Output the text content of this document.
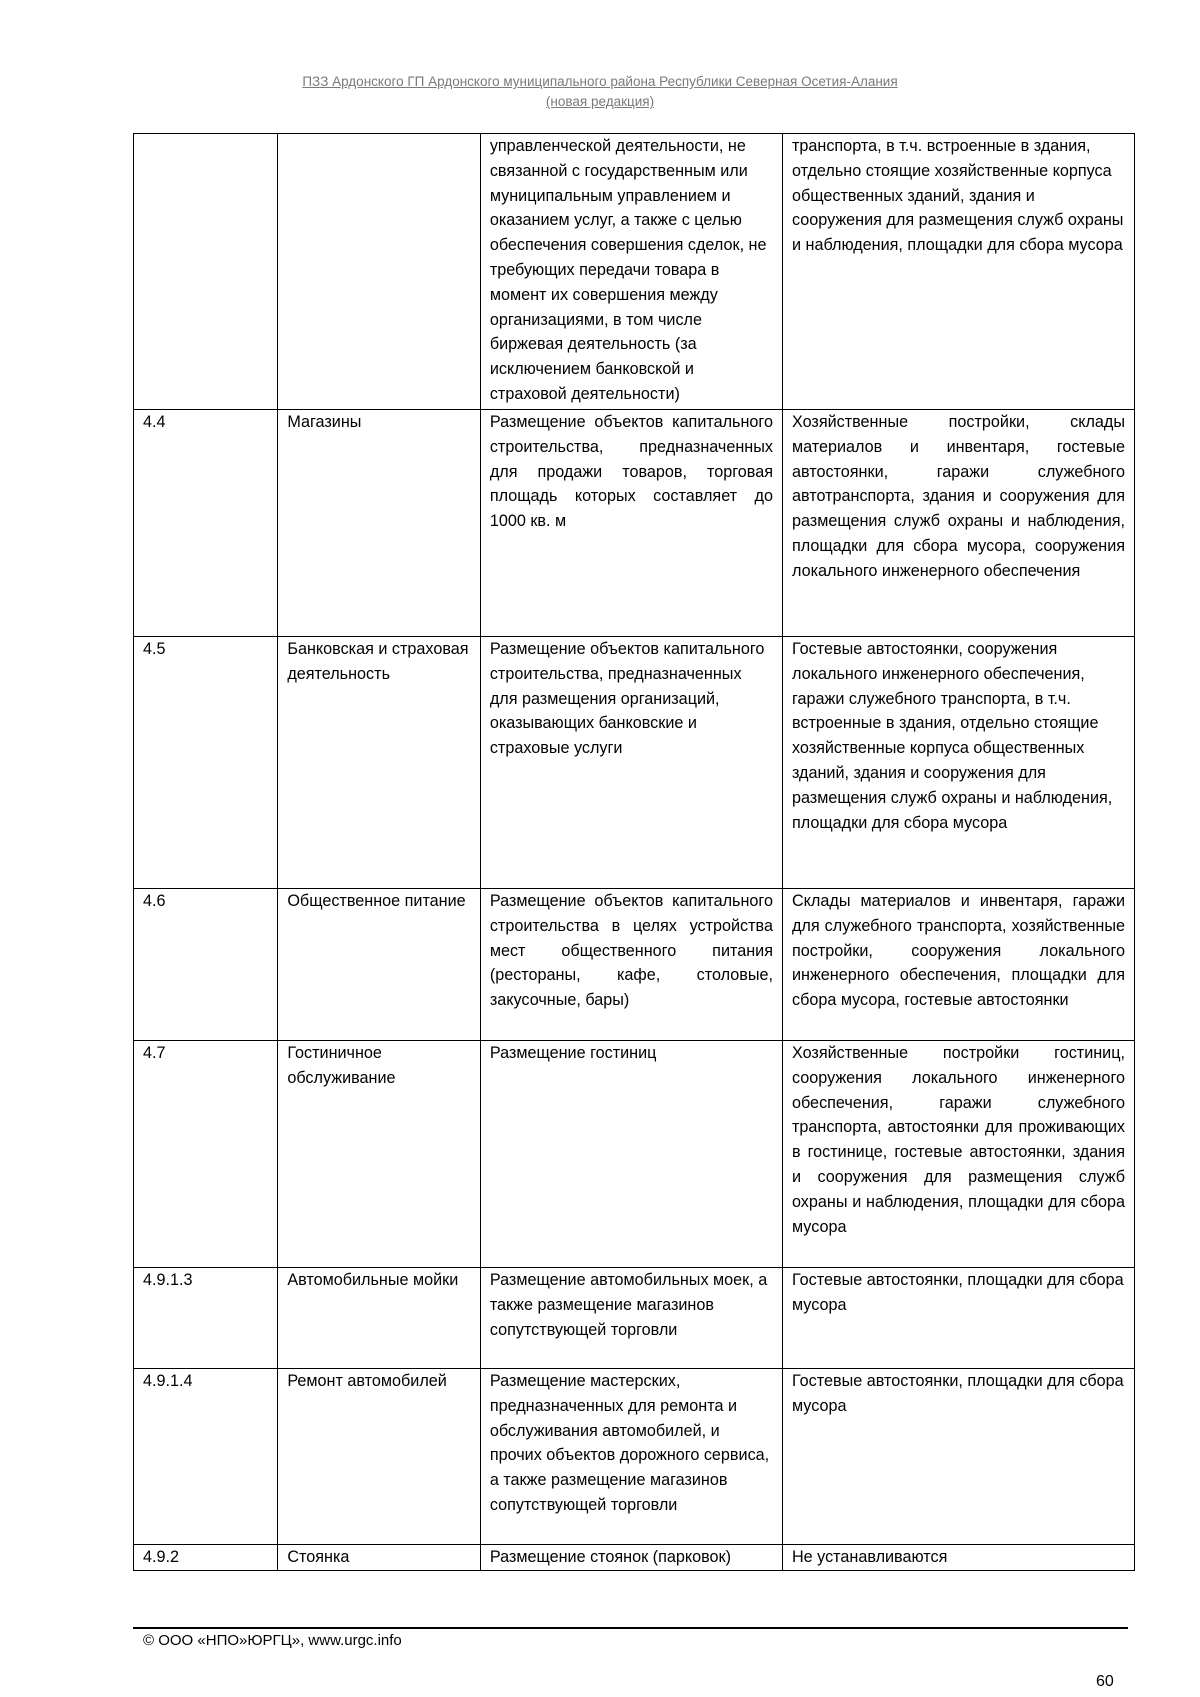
ПЗЗ Ардонского ГП Ардонского муниципального района Республики Северная Осетия-Алания
(новая редакция)
		управленческой деятельности, не связанной с государственным или муниципальным управлением и оказанием услуг, а также с целью обеспечения совершения сделок, не требующих передачи товара в момент их совершения между организациями, в том числе биржевая деятельность (за исключением банковской и страховой деятельности)	транспорта, в т.ч. встроенные в здания, отдельно стоящие хозяйственные корпуса общественных зданий, здания и сооружения для размещения служб охраны и наблюдения, площадки для сбора мусора
4.4	Магазины	Размещение объектов капитального строительства, предназначенных для продажи товаров, торговая площадь которых составляет до 1000 кв. м	Хозяйственные постройки, склады материалов и инвентаря, гостевые автостоянки, гаражи служебного автотранспорта, здания и сооружения для размещения служб охраны и наблюдения, площадки для сбора мусора, сооружения локального инженерного обеспечения
4.5	Банковская и страховая деятельность	Размещение объектов капитального строительства, предназначенных для размещения организаций, оказывающих банковские и страховые услуги	Гостевые автостоянки, сооружения локального инженерного обеспечения, гаражи служебного транспорта, в т.ч. встроенные в здания, отдельно стоящие хозяйственные корпуса общественных зданий, здания и сооружения для размещения служб охраны и наблюдения, площадки для сбора мусора
4.6	Общественное питание	Размещение объектов капитального строительства в целях устройства мест общественного питания (рестораны, кафе, столовые, закусочные, бары)	Склады материалов и инвентаря, гаражи для служебного транспорта, хозяйственные постройки, сооружения локального инженерного обеспечения, площадки для сбора мусора, гостевые автостоянки
4.7	Гостиничное обслуживание	Размещение гостиниц	Хозяйственные постройки гостиниц, сооружения локального инженерного обеспечения, гаражи служебного транспорта, автостоянки для проживающих в гостинице, гостевые автостоянки, здания и сооружения для размещения служб охраны и наблюдения, площадки для сбора мусора
4.9.1.3	Автомобильные мойки	Размещение автомобильных моек, а также размещение магазинов сопутствующей торговли	Гостевые автостоянки, площадки для сбора мусора
4.9.1.4	Ремонт автомобилей	Размещение мастерских, предназначенных для ремонта и обслуживания автомобилей, и прочих объектов дорожного сервиса, а также размещение магазинов сопутствующей торговли	Гостевые автостоянки, площадки для сбора мусора
4.9.2	Стоянка	Размещение стоянок (парковок)	Не устанавливаются
© ООО «НПО»ЮРГЦ», www.urgc.info
60
